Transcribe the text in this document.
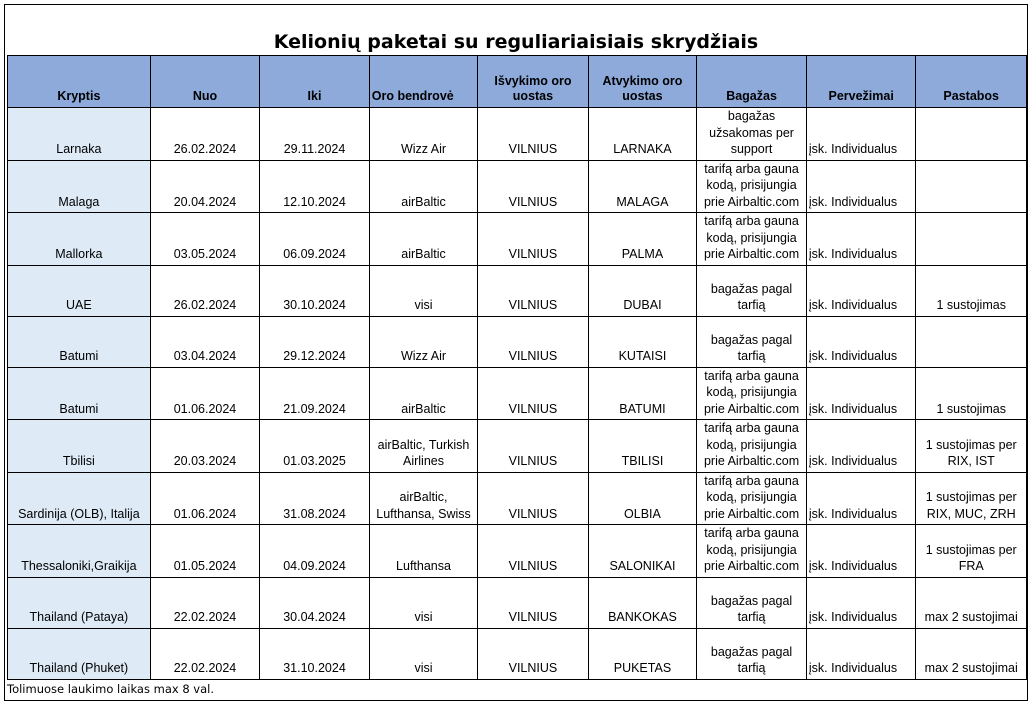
Kelionių paketai su reguliariaisiais skrydžiais
Kryptis	Nuo	Iki	Oro bendrovė	Išvykimo oro uostas	Atvykimo oro uostas	Bagažas	Pervežimai	Pastabos
Larnaka	26.02.2024	29.11.2024	Wizz Air	VILNIUS	LARNAKA	bagažas užsakomas per support	įsk. Individualus	
Malaga	20.04.2024	12.10.2024	airBaltic	VILNIUS	MALAGA	tarifą arba gauna kodą, prisijungia prie Airbaltic.com	įsk. Individualus	
Mallorka	03.05.2024	06.09.2024	airBaltic	VILNIUS	PALMA	tarifą arba gauna kodą, prisijungia prie Airbaltic.com	įsk. Individualus	
UAE	26.02.2024	30.10.2024	visi	VILNIUS	DUBAI	bagažas pagal tarfią	įsk. Individualus	1 sustojimas
Batumi	03.04.2024	29.12.2024	Wizz Air	VILNIUS	KUTAISI	bagažas pagal tarfią	įsk. Individualus	
Batumi	01.06.2024	21.09.2024	airBaltic	VILNIUS	BATUMI	tarifą arba gauna kodą, prisijungia prie Airbaltic.com	įsk. Individualus	1 sustojimas
Tbilisi	20.03.2024	01.03.2025	airBaltic, Turkish Airlines	VILNIUS	TBILISI	tarifą arba gauna kodą, prisijungia prie Airbaltic.com	įsk. Individualus	1 sustojimas per RIX, IST
Sardinija (OLB), Italija	01.06.2024	31.08.2024	airBaltic, Lufthansa, Swiss	VILNIUS	OLBIA	tarifą arba gauna kodą, prisijungia prie Airbaltic.com	įsk. Individualus	1 sustojimas per RIX, MUC, ZRH
Thessaloniki,Graikija	01.05.2024	04.09.2024	Lufthansa	VILNIUS	SALONIKAI	tarifą arba gauna kodą, prisijungia prie Airbaltic.com	įsk. Individualus	1 sustojimas per FRA
Thailand (Pataya)	22.02.2024	30.04.2024	visi	VILNIUS	BANKOKAS	bagažas pagal tarfią	įsk. Individualus	max 2 sustojimai
Thailand (Phuket)	22.02.2024	31.10.2024	visi	VILNIUS	PUKETAS	bagažas pagal tarfią	įsk. Individualus	max 2 sustojimai
Tolimuose laukimo laikas max 8 val.
